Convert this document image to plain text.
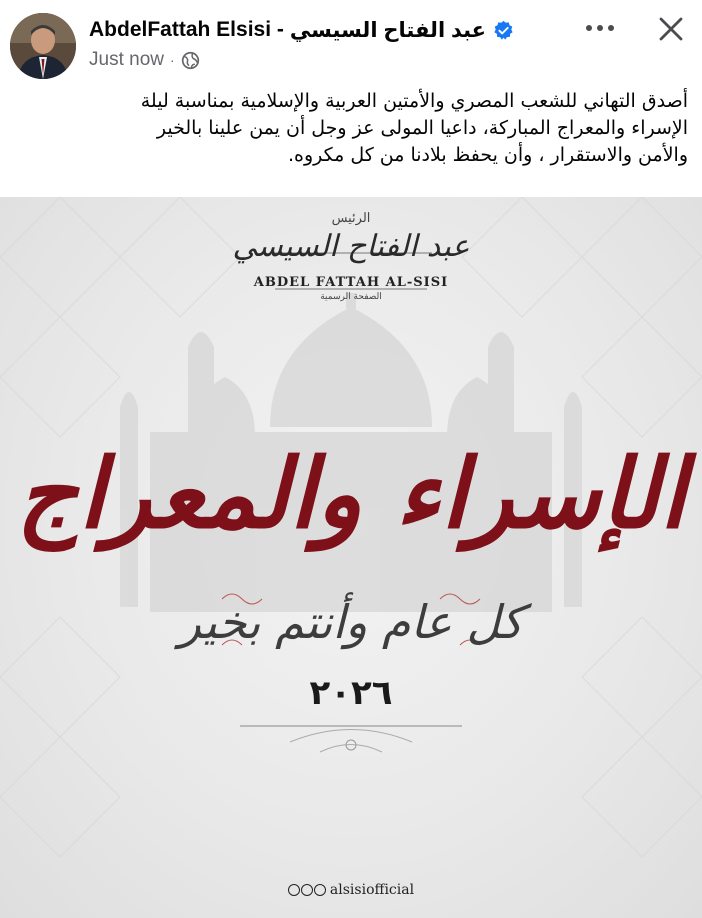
AbdelFattah Elsisi - عبد الفتاح السيسي
Just now ·
أصدق التهاني للشعب المصري والأمتين العربية والإسلامية بمناسبة ليلة
الإسراء والمعراج المباركة، داعيا المولى عز وجل أن يمن علينا بالخير
والأمن والاستقرار ، وأن يحفظ بلادنا من كل مكروه.
الرئيس
عبد الفتاح السيسي
ABDEL FATTAH AL-SISI
الصفحة الرسمية
الإسراء والمعراج
كل عام وأنتم بخير
٢٠٢٦
alsisiofficial
